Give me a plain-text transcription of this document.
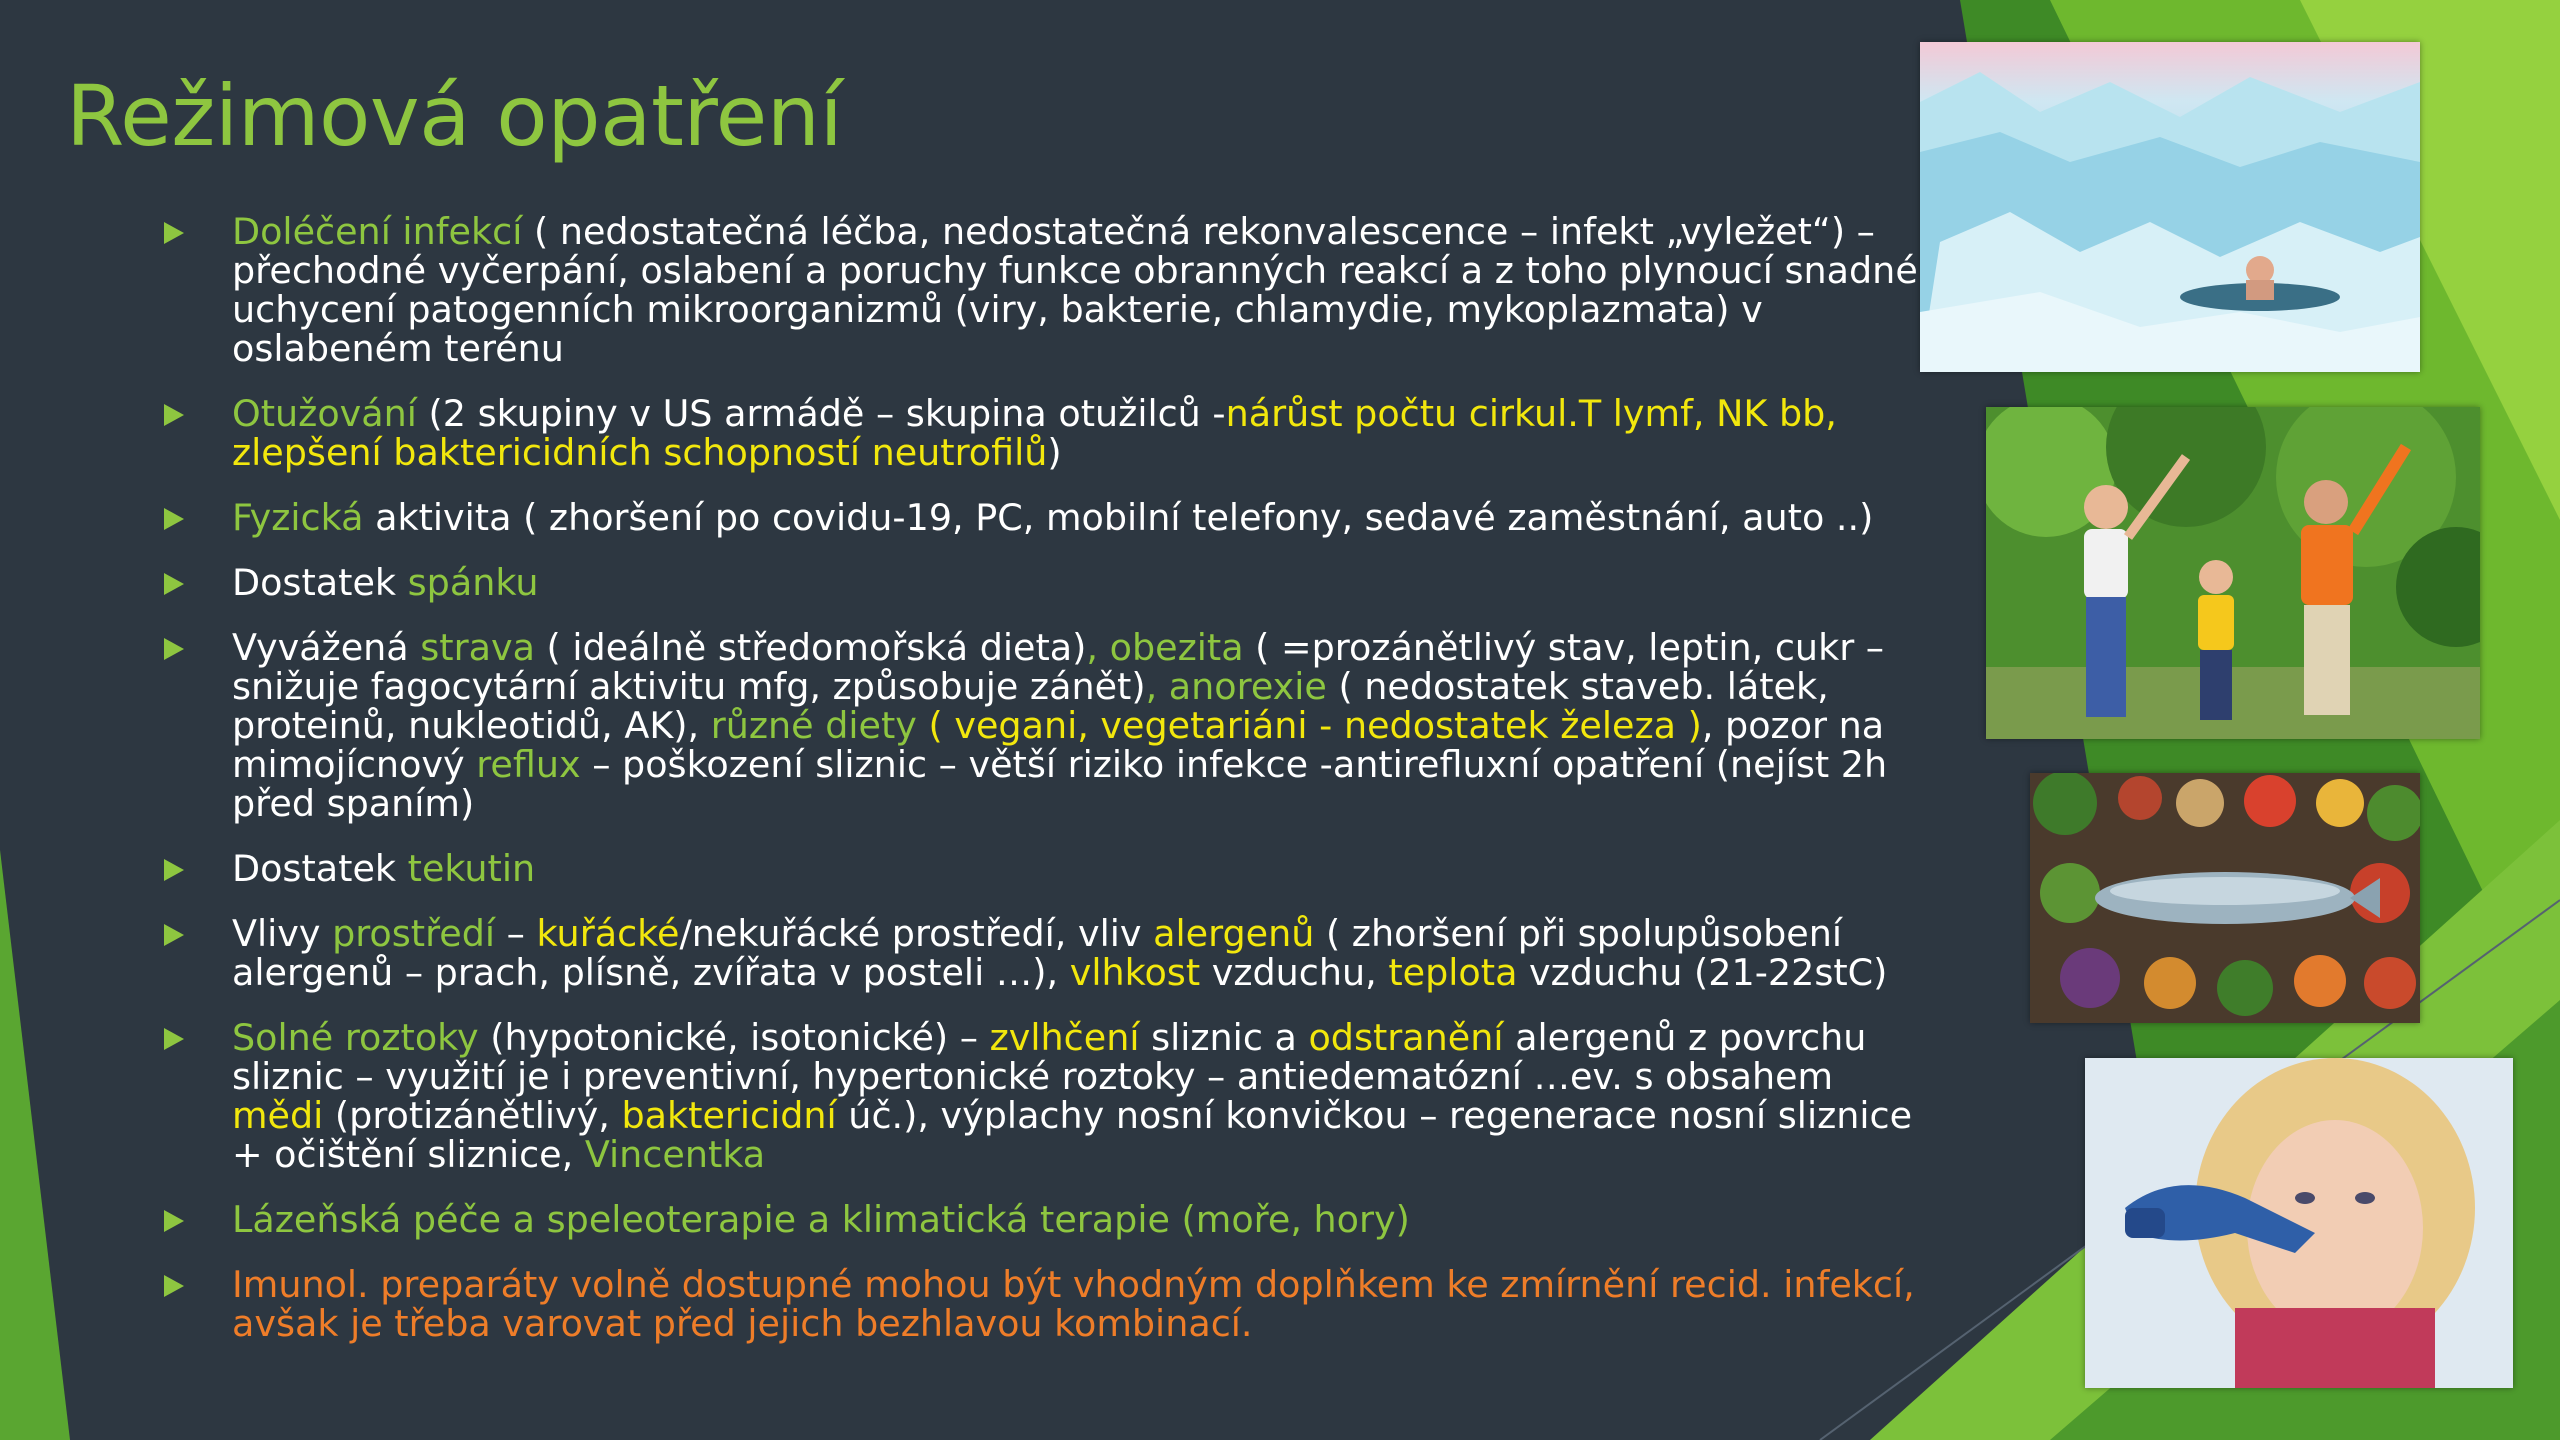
Režimová opatření
Doléčení infekcí ( nedostatečná léčba, nedostatečná rekonvalescence – infekt „vyležet“) – přechodné vyčerpání, oslabení a poruchy funkce obranných reakcí a z toho plynoucí snadné uchycení patogenních mikroorganizmů (viry, bakterie, chlamydie, mykoplazmata) v oslabeném terénu
Otužování (2 skupiny v US armádě – skupina otužilců -nárůst počtu cirkul.T lymf, NK bb, zlepšení baktericidních schopností neutrofilů)
Fyzická aktivita ( zhoršení po covidu-19, PC, mobilní telefony, sedavé zaměstnání, auto ..)
Dostatek spánku
Vyvážená strava ( ideálně středomořská dieta), obezita ( =prozánětlivý stav, leptin, cukr – snižuje fagocytární aktivitu mfg, způsobuje zánět), anorexie ( nedostatek staveb. látek, proteinů, nukleotidů, AK), různé diety ( vegani, vegetariáni - nedostatek železa ), pozor na mimojícnový reflux – poškození sliznic – větší riziko infekce -antirefluxní opatření (nejíst 2h před spaním)
Dostatek tekutin
Vlivy prostředí – kuřácké/nekuřácké prostředí, vliv alergenů ( zhoršení při spolupůsobení alergenů – prach, plísně, zvířata v posteli …), vlhkost vzduchu, teplota vzduchu (21-22stC)
Solné roztoky (hypotonické, isotonické) – zvlhčení sliznic a odstranění alergenů z povrchu sliznic – využití je i preventivní, hypertonické roztoky – antiedematózní …ev. s obsahem mědi (protizánětlivý, baktericidní úč.), výplachy nosní konvičkou – regenerace nosní sliznice + očištění sliznice, Vincentka
Lázeňská péče a speleoterapie a klimatická terapie (moře, hory)
Imunol. preparáty volně dostupné mohou být vhodným doplňkem ke zmírnění recid. infekcí, avšak je třeba varovat před jejich bezhlavou kombinací.
